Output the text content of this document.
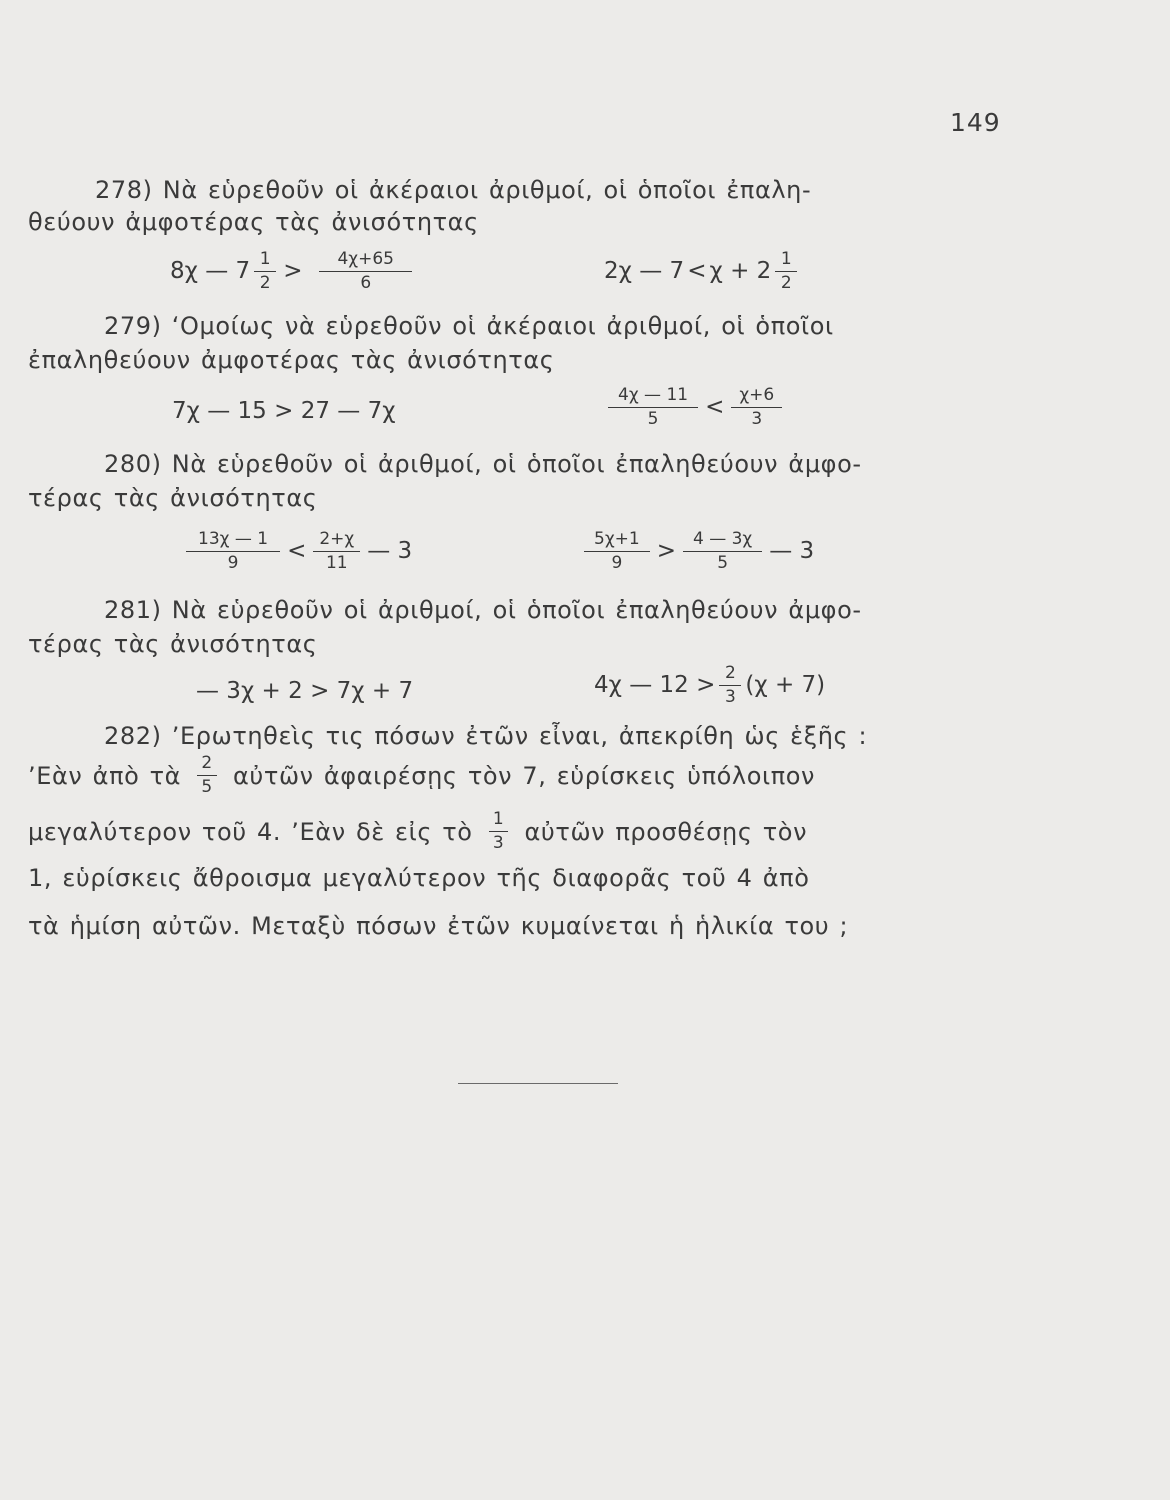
149
278) Νὰ εὑρεθοῦν οἱ ἀκέραιοι ἀριθμοί, οἱ ὁποῖοι ἐπαλη-
θεύουν ἀμφοτέρας τὰς ἀνισότητας
8χ — $7 \frac{1}{2} > \frac{4\chi+65}{6}$	2χ — $7 < \chi + 2 \frac{1}{2}$
279) ʻΟμοίως νὰ εὑρεθοῦν οἱ ἀκέραιοι ἀριθμοί, οἱ ὁποῖοι
ἐπαληθεύουν ἀμφοτέρας τὰς ἀνισότητας
7χ — 15 > 27 — 7χ	$\frac{4\chi — 11}{5} < \frac{\chi+6}{3}$
280) Νὰ εὑρεθοῦν οἱ ἀριθμοί, οἱ ὁποῖοι ἐπαληθεύουν ἀμφο-
τέρας τὰς ἀνισότητας
$\frac{13\chi — 1}{9} < \frac{2+\chi}{11}$ — 3	$\frac{5\chi+1}{9} > \frac{4 — 3\chi}{5}$ — 3
281) Νὰ εὑρεθοῦν οἱ ἀριθμοί, οἱ ὁποῖοι ἐπαληθεύουν ἀμφο-
τέρας τὰς ἀνισότητας
— 3χ + 2 > 7χ + 7	4χ — $12 > \frac{2}{3} (\chi + 7)$
282) ʼΕρωτηθεὶς τις πόσων ἐτῶν εἶναι, ἀπεκρίθη ὡς ἑξῆς :
ʼΕὰν ἀπὸ τὰ $\frac{2}{5}$ αὐτῶν ἀφαιρέσῃς τὸν 7, εὑρίσκεις ὑπόλοιπον
μεγαλύτερον τοῦ 4. ʼΕὰν δὲ εἰς τὸ $\frac{1}{3}$ αὐτῶν προσθέσῃς τὸν
1, εὑρίσκεις ἄθροισμα μεγαλύτερον τῆς διαφορᾶς τοῦ 4 ἀπὸ
τὰ ἡμίση αὐτῶν. Μεταξὺ πόσων ἐτῶν κυμαίνεται ἡ ἡλικία του ;
